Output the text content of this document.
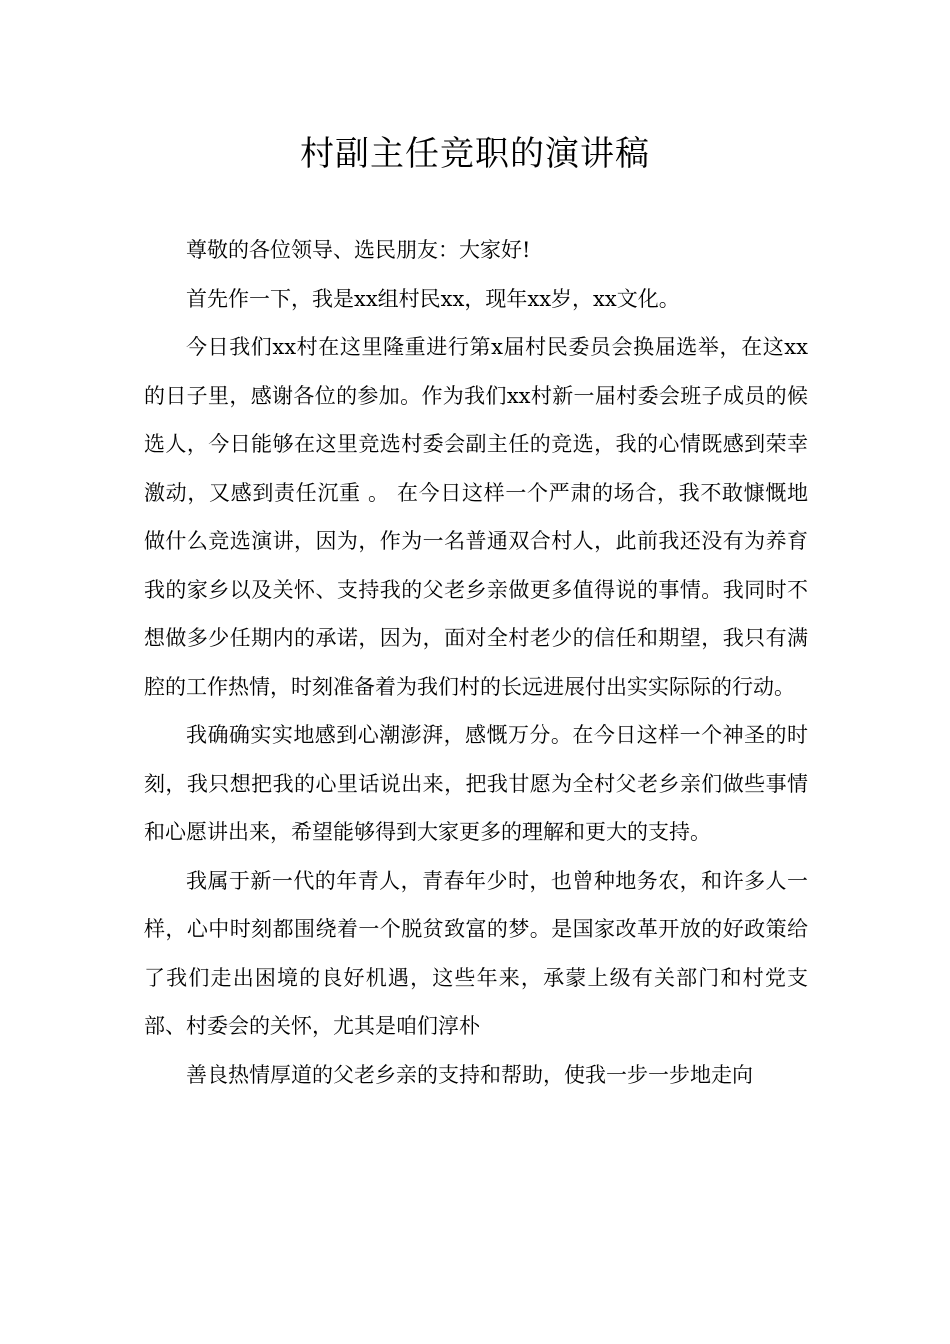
村副主任竞职的演讲稿

尊敬的各位领导、选民朋友：大家好!

首先作一下，我是xx组村民xx，现年xx岁，xx文化。

今日我们xx村在这里隆重进行第x届村民委员会换届选举，在这xx的日子里，感谢各位的参加。作为我们xx村新一届村委会班子成员的候选人，今日能够在这里竞选村委会副主任的竞选，我的心情既感到荣幸激动，又感到责任沉重 。 在今日这样一个严肃的场合，我不敢慷慨地做什么竞选演讲，因为，作为一名普通双合村人，此前我还没有为养育我的家乡以及关怀、支持我的父老乡亲做更多值得说的事情。我同时不想做多少任期内的承诺，因为，面对全村老少的信任和期望，我只有满腔的工作热情，时刻准备着为我们村的长远进展付出实实际际的行动。

我确确实实地感到心潮澎湃，感慨万分。在今日这样一个神圣的时刻，我只想把我的心里话说出来，把我甘愿为全村父老乡亲们做些事情和心愿讲出来，希望能够得到大家更多的理解和更大的支持。

我属于新一代的年青人，青春年少时，也曾种地务农，和许多人一样，心中时刻都围绕着一个脱贫致富的梦。是国家改革开放的好政策给了我们走出困境的良好机遇，这些年来，承蒙上级有关部门和村党支部、村委会的关怀，尤其是咱们淳朴

善良热情厚道的父老乡亲的支持和帮助，使我一步一步地走向
